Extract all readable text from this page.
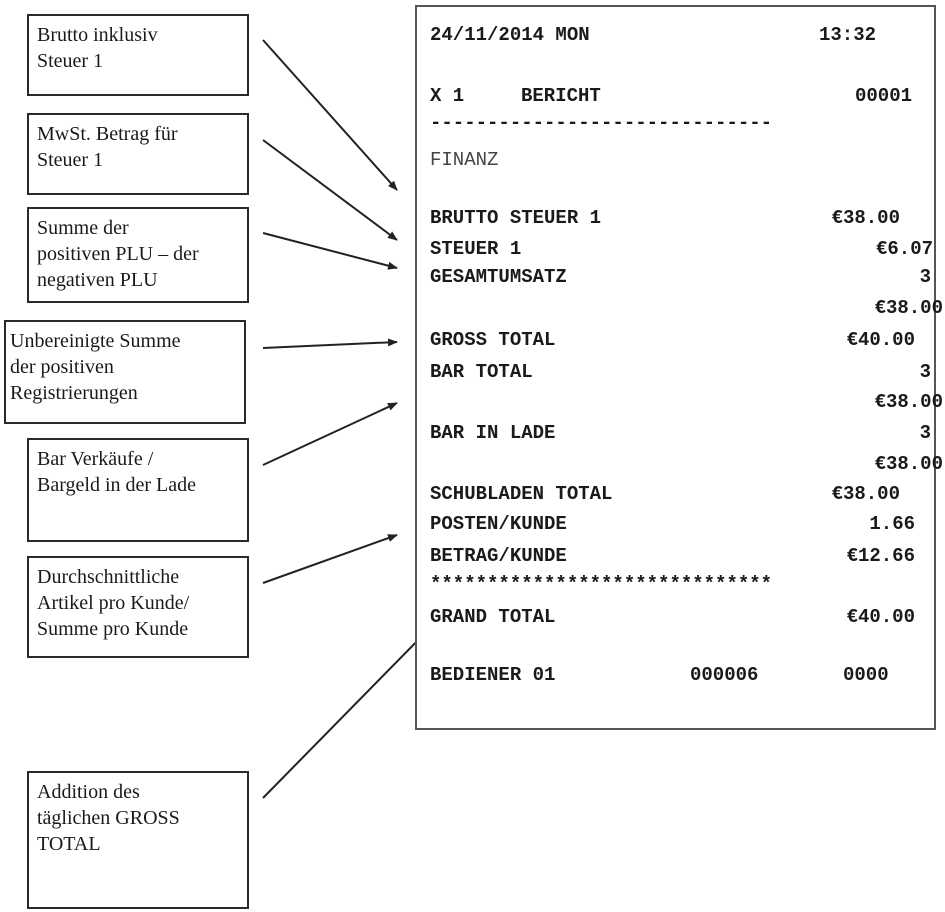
Brutto inklusiv
Steuer 1
MwSt. Betrag für
Steuer 1
Summe der
positiven PLU – der
negativen PLU
Unbereinigte Summe
der positiven
Registrierungen
Bar Verkäufe /
Bargeld in der Lade
Durchschnittliche
Artikel pro Kunde/
Summe pro Kunde
Addition des
täglichen GROSS
TOTAL
24/11/2014 MON	13:32
X 1	BERICHT	00001
------------------------------
FINANZ
BRUTTO STEUER 1	€38.00
STEUER 1	€6.07
GESAMTUMSATZ	3
€38.00
GROSS TOTAL	€40.00
BAR TOTAL	3
€38.00
BAR IN LADE	3
€38.00
SCHUBLADEN TOTAL	€38.00
POSTEN/KUNDE	1.66
BETRAG/KUNDE	€12.66
******************************
GRAND TOTAL	€40.00
BEDIENER 01	000006	0000
